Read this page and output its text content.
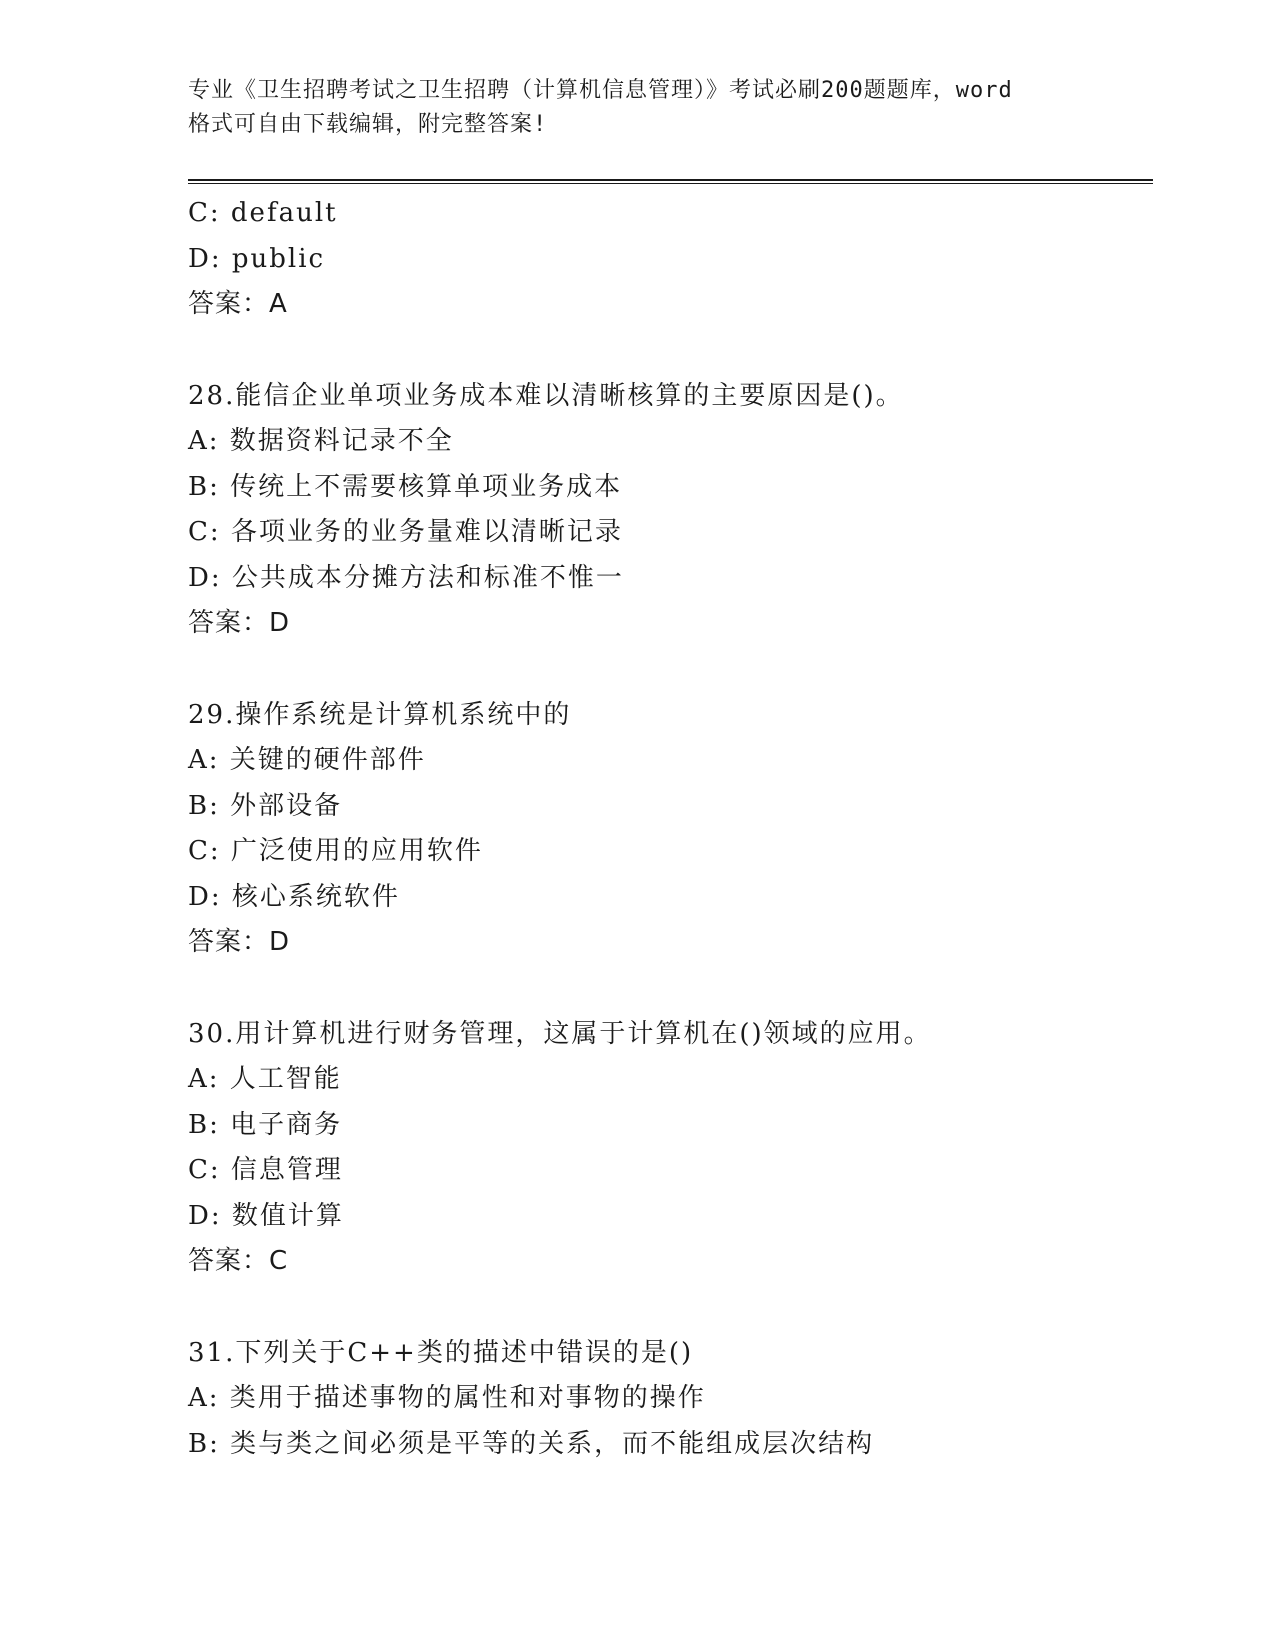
专业《卫生招聘考试之卫生招聘（计算机信息管理）》考试必刷200题题库，word
格式可自由下载编辑，附完整答案!
C: default
D: public
答案：A
28.能信企业单项业务成本难以清晰核算的主要原因是()。
A: 数据资料记录不全
B: 传统上不需要核算单项业务成本
C: 各项业务的业务量难以清晰记录
D: 公共成本分摊方法和标准不惟一
答案：D
29.操作系统是计算机系统中的
A: 关键的硬件部件
B: 外部设备
C: 广泛使用的应用软件
D: 核心系统软件
答案：D
30.用计算机进行财务管理，这属于计算机在()领域的应用。
A: 人工智能
B: 电子商务
C: 信息管理
D: 数值计算
答案：C
31.下列关于C++类的描述中错误的是()
A: 类用于描述事物的属性和对事物的操作
B: 类与类之间必须是平等的关系，而不能组成层次结构
